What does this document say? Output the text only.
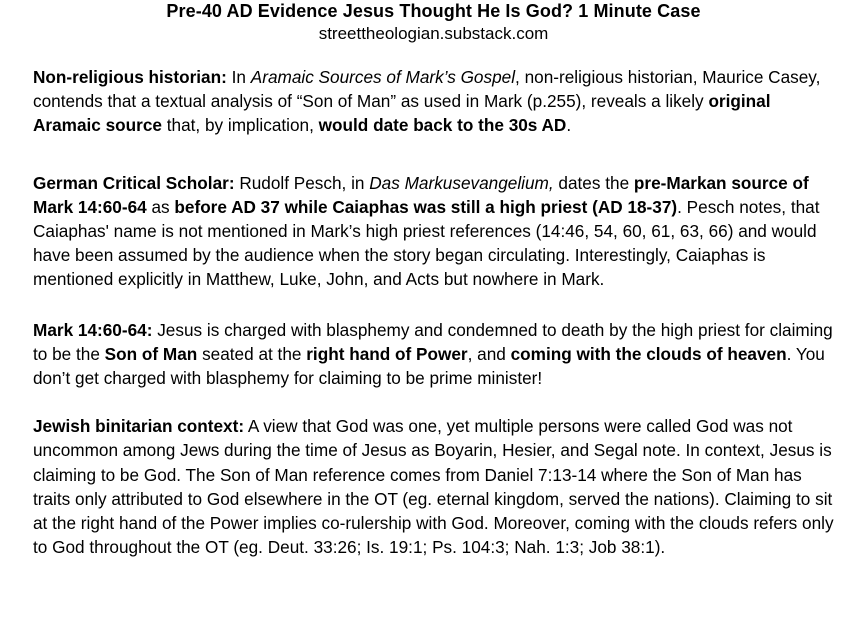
Pre-40 AD Evidence Jesus Thought He Is God? 1 Minute Case
streettheologian.substack.com

Non-religious historian: In Aramaic Sources of Mark’s Gospel, non-religious historian, Maurice Casey, contends that a textual analysis of “Son of Man” as used in Mark (p.255), reveals a likely original Aramaic source that, by implication, would date back to the 30s AD.

German Critical Scholar: Rudolf Pesch, in Das Markusevangelium, dates the pre-Markan source of Mark 14:60-64 as before AD 37 while Caiaphas was still a high priest (AD 18-37). Pesch notes, that Caiaphas' name is not mentioned in Mark’s high priest references (14:46, 54, 60, 61, 63, 66) and would have been assumed by the audience when the story began circulating. Interestingly, Caiaphas is mentioned explicitly in Matthew, Luke, John, and Acts but nowhere in Mark.

Mark 14:60-64: Jesus is charged with blasphemy and condemned to death by the high priest for claiming to be the Son of Man seated at the right hand of Power, and coming with the clouds of heaven. You don’t get charged with blasphemy for claiming to be prime minister!

Jewish binitarian context: A view that God was one, yet multiple persons were called God was not uncommon among Jews during the time of Jesus as Boyarin, Hesier, and Segal note. In context, Jesus is claiming to be God. The Son of Man reference comes from Daniel 7:13-14 where the Son of Man has traits only attributed to God elsewhere in the OT (eg. eternal kingdom, served the nations). Claiming to sit at the right hand of the Power implies co-rulership with God. Moreover, coming with the clouds refers only to God throughout the OT (eg. Deut. 33:26; Is. 19:1; Ps. 104:3; Nah. 1:3; Job 38:1).
